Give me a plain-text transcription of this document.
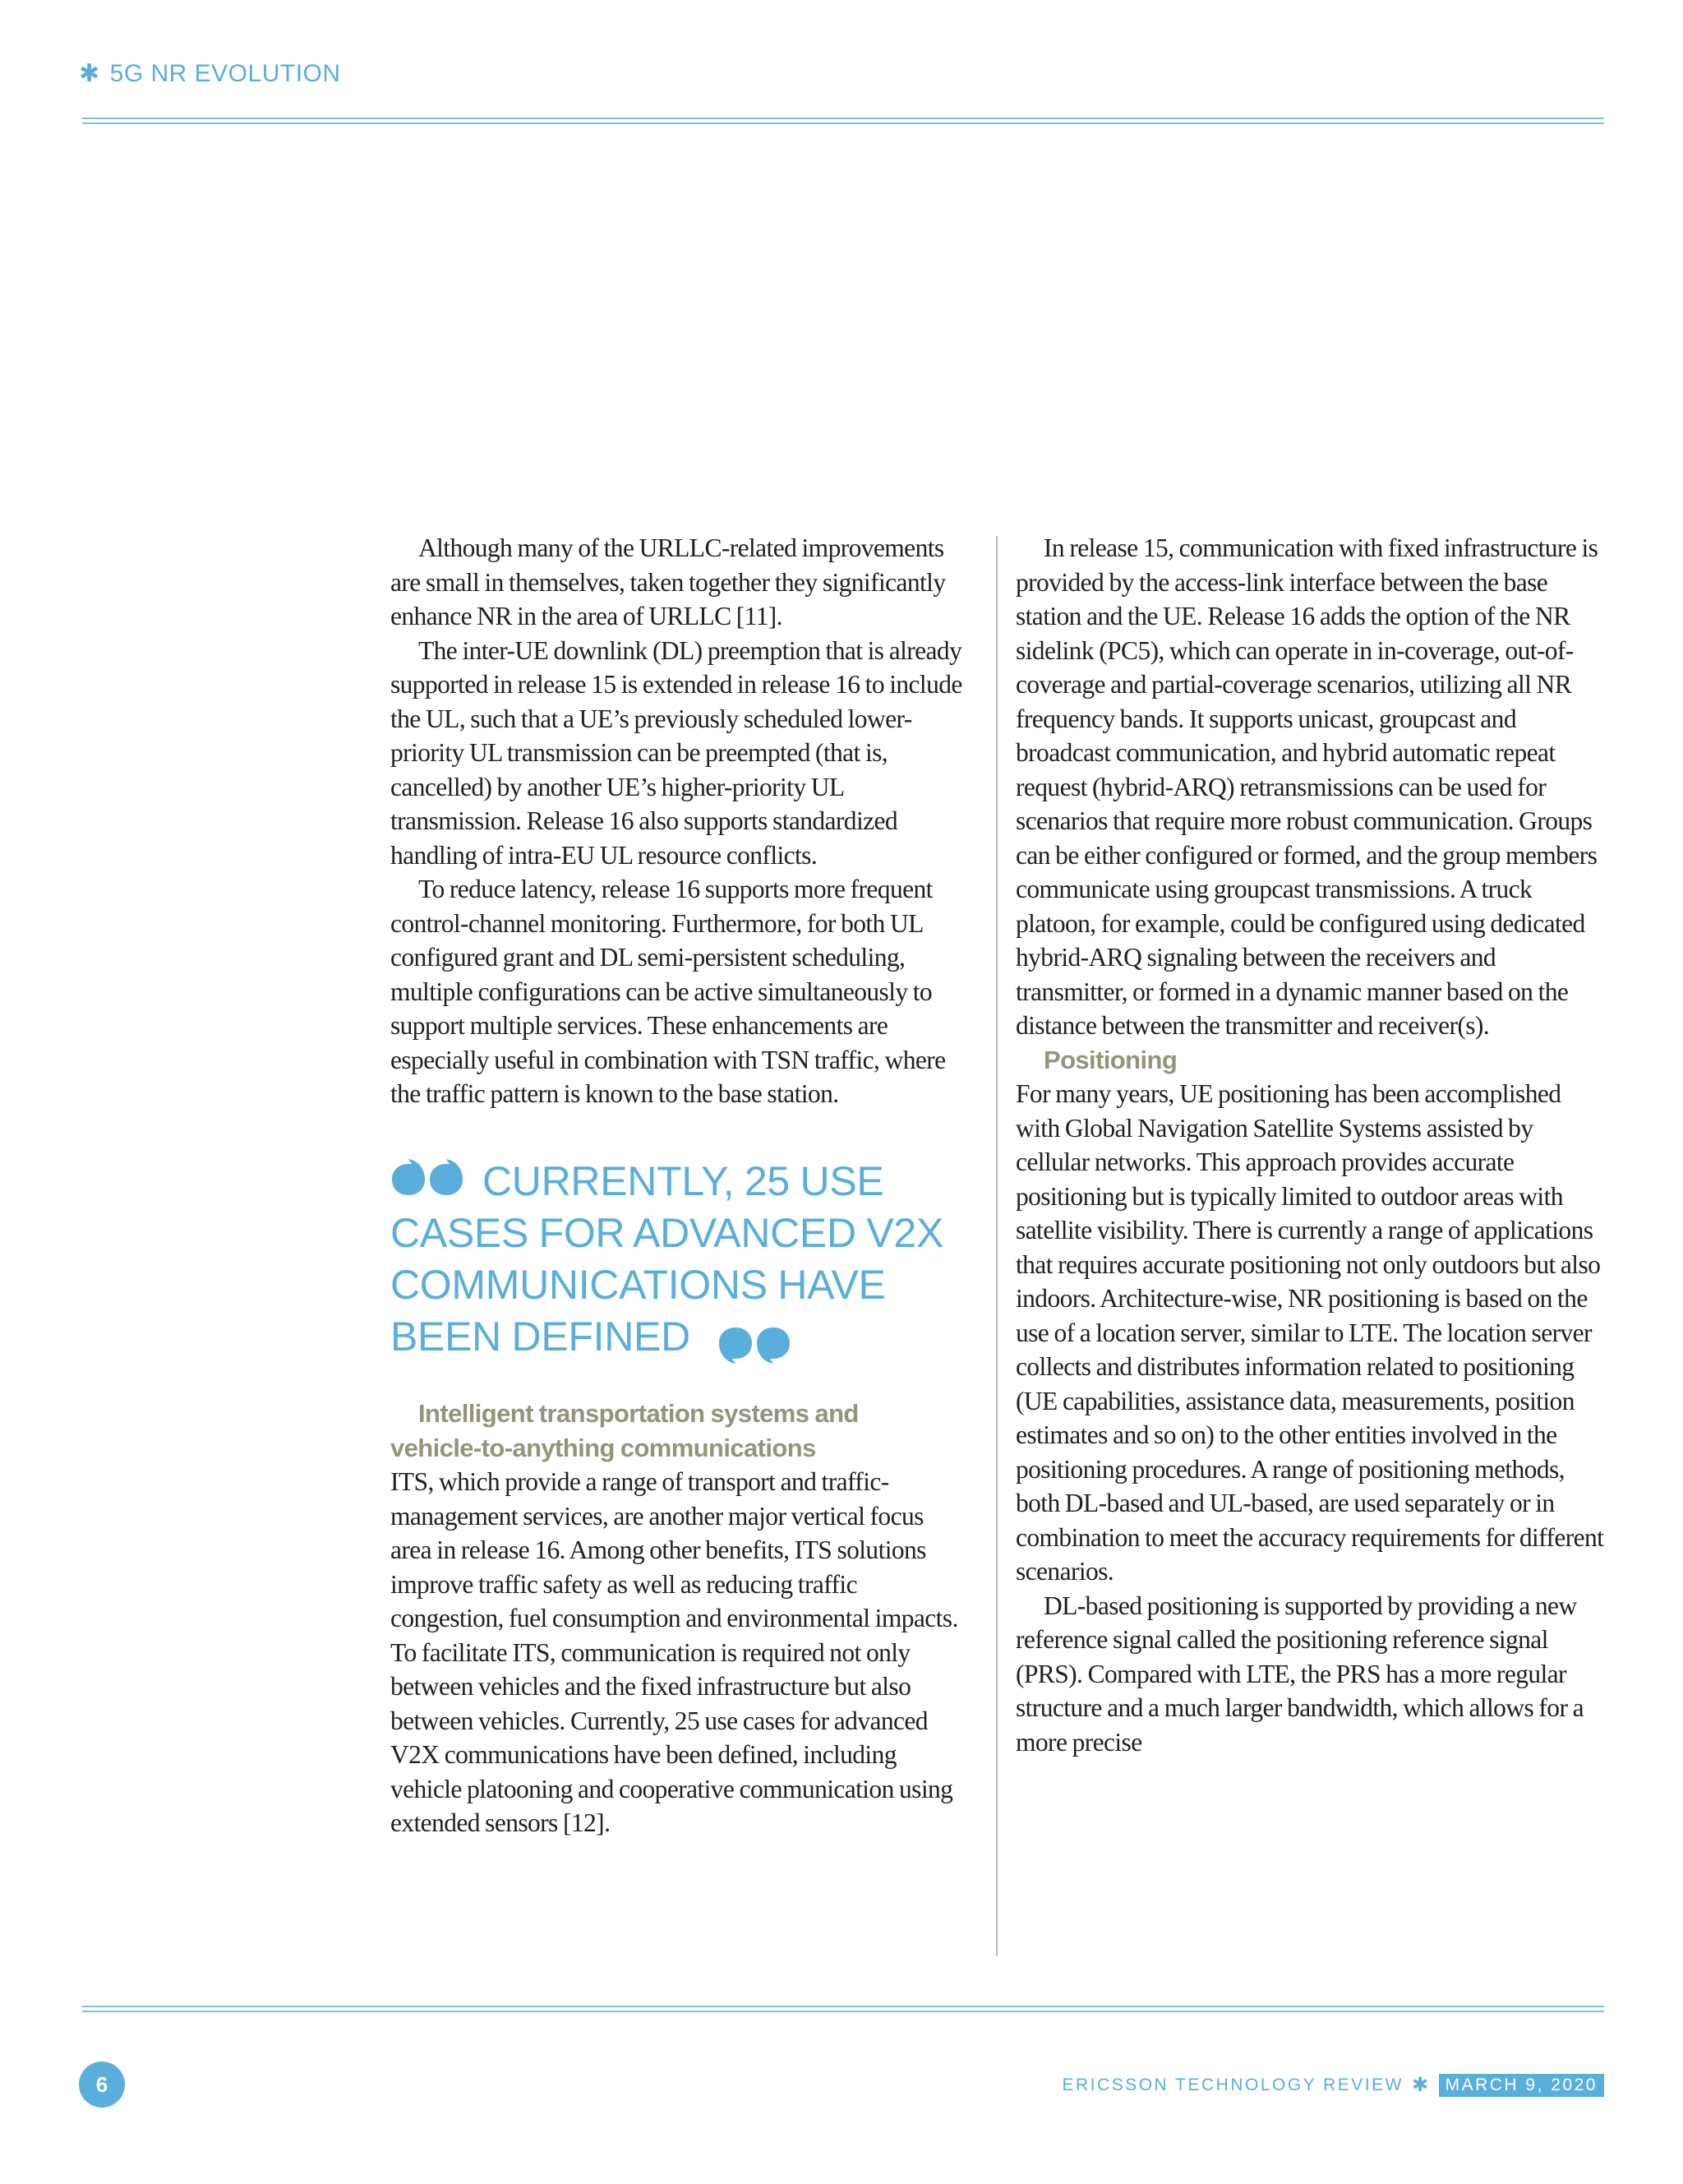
✱ 5G NR EVOLUTION

Although many of the URLLC-related improvements are small in themselves, taken together they significantly enhance NR in the area of URLLC [11].

The inter-UE downlink (DL) preemption that is already supported in release 15 is extended in release 16 to include the UL, such that a UE’s previously scheduled lower-priority UL transmission can be preempted (that is, cancelled) by another UE’s higher-priority UL transmission. Release 16 also supports standardized handling of intra-EU UL resource conflicts.

To reduce latency, release 16 supports more frequent control-channel monitoring. Furthermore, for both UL configured grant and DL semi-persistent scheduling, multiple configurations can be active simultaneously to support multiple services. These enhancements are especially useful in combination with TSN traffic, where the traffic pattern is known to the base station.

CURRENTLY, 25 USE CASES FOR ADVANCED V2X COMMUNICATIONS HAVE BEEN DEFINED

Intelligent transportation systems and vehicle-to-anything communications

ITS, which provide a range of transport and traffic-management services, are another major vertical focus area in release 16. Among other benefits, ITS solutions improve traffic safety as well as reducing traffic congestion, fuel consumption and environmental impacts. To facilitate ITS, communication is required not only between vehicles and the fixed infrastructure but also between vehicles. Currently, 25 use cases for advanced V2X communications have been defined, including vehicle platooning and cooperative communication using extended sensors [12].

In release 15, communication with fixed infrastructure is provided by the access-link interface between the base station and the UE. Release 16 adds the option of the NR sidelink (PC5), which can operate in in-coverage, out-of-coverage and partial-coverage scenarios, utilizing all NR frequency bands. It supports unicast, groupcast and broadcast communication, and hybrid automatic repeat request (hybrid-ARQ) retransmissions can be used for scenarios that require more robust communication. Groups can be either configured or formed, and the group members communicate using groupcast transmissions. A truck platoon, for example, could be configured using dedicated hybrid-ARQ signaling between the receivers and transmitter, or formed in a dynamic manner based on the distance between the transmitter and receiver(s).

Positioning

For many years, UE positioning has been accomplished with Global Navigation Satellite Systems assisted by cellular networks. This approach provides accurate positioning but is typically limited to outdoor areas with satellite visibility. There is currently a range of applications that requires accurate positioning not only outdoors but also indoors. Architecture-wise, NR positioning is based on the use of a location server, similar to LTE. The location server collects and distributes information related to positioning (UE capabilities, assistance data, measurements, position estimates and so on) to the other entities involved in the positioning procedures. A range of positioning methods, both DL-based and UL-based, are used separately or in combination to meet the accuracy requirements for different scenarios.

DL-based positioning is supported by providing a new reference signal called the positioning reference signal (PRS). Compared with LTE, the PRS has a more regular structure and a much larger bandwidth, which allows for a more precise

6	ERICSSON TECHNOLOGY REVIEW ✱ MARCH 9, 2020
